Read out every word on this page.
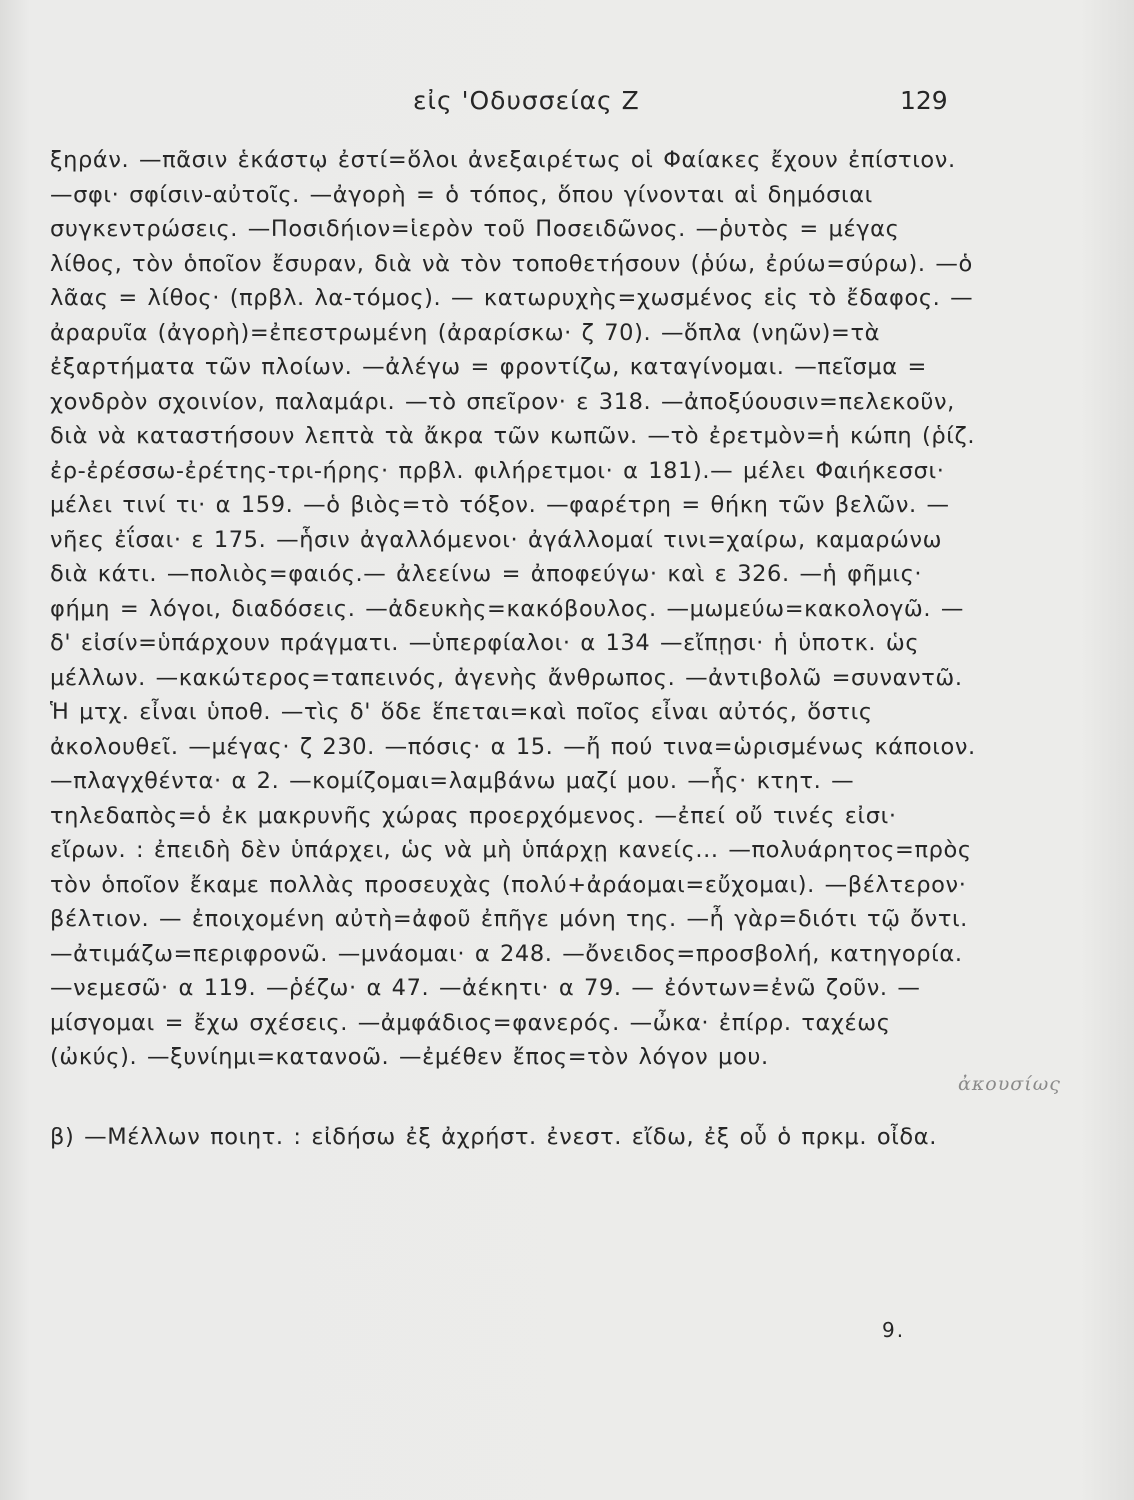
εἰς 'Οδυσσείας Ζ	129

ξηράν. —πᾶσιν ἑκάστῳ ἐστί=ὅλοι ἀνεξαιρέτως οἱ Φαίακες ἔχουν ἐπίστιον. —σφι· σφίσιν-αὐτοῖς. —ἀγορὴ = ὁ τόπος, ὅπου γίνονται αἱ δημόσιαι συγκεντρώσεις. —Ποσιδήιον=ἱερὸν τοῦ Ποσειδῶνος. —ῥυτὸς = μέγας λίθος, τὸν ὁποῖον ἔσυραν, διὰ νὰ τὸν τοποθετήσουν (ῥύω, ἐρύω=σύρω). —ὁ λᾶας = λίθος· (πρβλ. λα-τόμος). — κατωρυχὴς=χωσμένος εἰς τὸ ἔδαφος. —ἀραρυῖα (ἀγορὴ)=ἐπεστρωμένη (ἀραρίσκω· ζ 70). —ὅπλα (νηῶν)=τὰ ἐξαρτήματα τῶν πλοίων. —ἀλέγω = φροντίζω, καταγίνομαι. —πεῖσμα = χονδρὸν σχοινίον, παλαμάρι. —τὸ σπεῖρον· ε 318. —ἀποξύουσιν=πελεκοῦν, διὰ νὰ καταστήσουν λεπτὰ τὰ ἄκρα τῶν κωπῶν. —τὸ ἐρετμὸν=ἡ κώπη (ῥίζ. ἐρ-ἐρέσσω-ἐρέτης-τρι-ήρης· πρβλ. φιλήρετμοι· α 181).— μέλει Φαιήκεσσι· μέλει τινί τι· α 159. —ὁ βιὸς=τὸ τόξον. —φαρέτρη = θήκη τῶν βελῶν. —νῆες ἐΐσαι· ε 175. —ἧσιν ἀγαλλόμενοι· ἀγάλλομαί τινι=χαίρω, καμαρώνω διὰ κάτι. —πολιὸς=φαιός.— ἀλεείνω = ἀποφεύγω· καὶ ε 326. —ἡ φῆμις· φήμη = λόγοι, διαδόσεις. —ἀδευκὴς=κακόβουλος. —μωμεύω=κακολογῶ. —δ' εἰσίν=ὑπάρχουν πράγματι. —ὑπερφίαλοι· α 134 —εἴπῃσι· ἡ ὑποτκ. ὡς μέλλων. —κακώτερος=ταπεινός, ἀγενὴς ἄνθρωπος. —ἀντιβολῶ =συναντῶ. Ἡ μτχ. εἶναι ὑποθ. —τὶς δ' ὅδε ἕπεται=καὶ ποῖος εἶναι αὐτός, ὅστις ἀκολουθεῖ. —μέγας· ζ 230. —πόσις· α 15. —ἤ πού τινα=ὡρισμένως κάποιον. —πλαγχθέντα· α 2. —κομίζομαι=λαμβάνω μαζί μου. —ἧς· κτητ. —τηλεδαπὸς=ὁ ἐκ μακρυνῆς χώρας προερχόμενος. —ἐπεί οὔ τινές εἰσι· εἴρων. : ἐπειδὴ δὲν ὑπάρχει, ὡς νὰ μὴ ὑπάρχῃ κανείς... —πολυάρητος=πρὸς τὸν ὁποῖον ἔκαμε πολλὰς προσευχὰς (πολύ+ἀράομαι=εὔχομαι). —βέλτερον· βέλτιον. — ἐποιχομένη αὐτὴ=ἀφοῦ ἐπῆγε μόνη της. —ἦ γὰρ=διότι τῷ ὄντι. —ἀτιμάζω=περιφρονῶ. —μνάομαι· α 248. —ὄνειδος=προσβολή, κατηγορία. —νεμεσῶ· α 119. —ῥέζω· α 47. —ἀέκητι· α 79. — ἐόντων=ἐνῶ ζοῦν. —μίσγομαι = ἔχω σχέσεις. —ἀμφάδιος=φανερός. —ὦκα· ἐπίρρ. ταχέως (ὠκύς). —ξυνίημι=κατανοῶ. —ἐμέθεν ἔπος=τὸν λόγον μου.

β) —Μέλλων ποιητ. : εἰδήσω ἐξ ἀχρήστ. ἐνεστ. εἴδω, ἐξ οὗ ὁ πρκμ. οἶδα.

ἀκουσίως
9.
